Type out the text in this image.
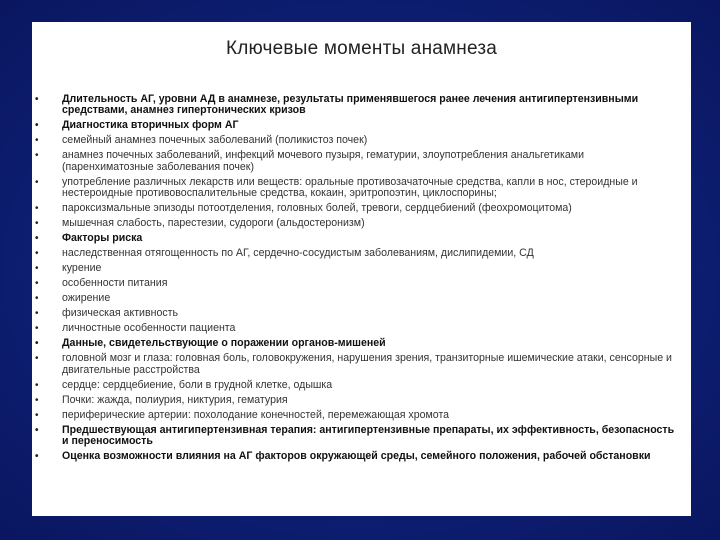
Ключевые моменты анамнеза
• Длительность АГ, уровни АД в анамнезе, результаты применявшегося ранее лечения антигипертензивными средствами, анамнез гипертонических кризов
• Диагностика вторичных форм АГ
• семейный анамнез почечных заболеваний (поликистоз почек)
• анамнез почечных заболеваний, инфекций мочевого пузыря, гематурии, злоупотребления анальгетиками (паренхиматозные заболевания почек)
• употребление различных лекарств или веществ: оральные противозачаточные средства, капли в нос, стероидные и нестероидные противовоспалительные средства, кокаин, эритропоэтин, циклоспорины;
• пароксизмальные эпизоды потоотделения, головных болей, тревоги, сердцебиений (феохромоцитома)
• мышечная слабость, парестезии, судороги (альдостеронизм)
• Факторы риска
• наследственная отягощенность по АГ, сердечно-сосудистым заболеваниям, дислипидемии, СД
• курение
• особенности питания
• ожирение
• физическая активность
• личностные особенности пациента
• Данные, свидетельствующие о поражении органов-мишеней
• головной мозг и глаза: головная боль, головокружения, нарушения зрения, транзиторные ишемические атаки, сенсорные и двигательные расстройства
• сердце: сердцебиение, боли в грудной клетке, одышка
• Почки: жажда, полиурия, никтурия, гематурия
• периферические артерии: похолодание конечностей, перемежающая хромота
• Предшествующая антигипертензивная терапия: антигипертензивные препараты, их эффективность, безопасность и переносимость
• Оценка возможности влияния на АГ факторов окружающей среды, семейного положения, рабочей обстановки
